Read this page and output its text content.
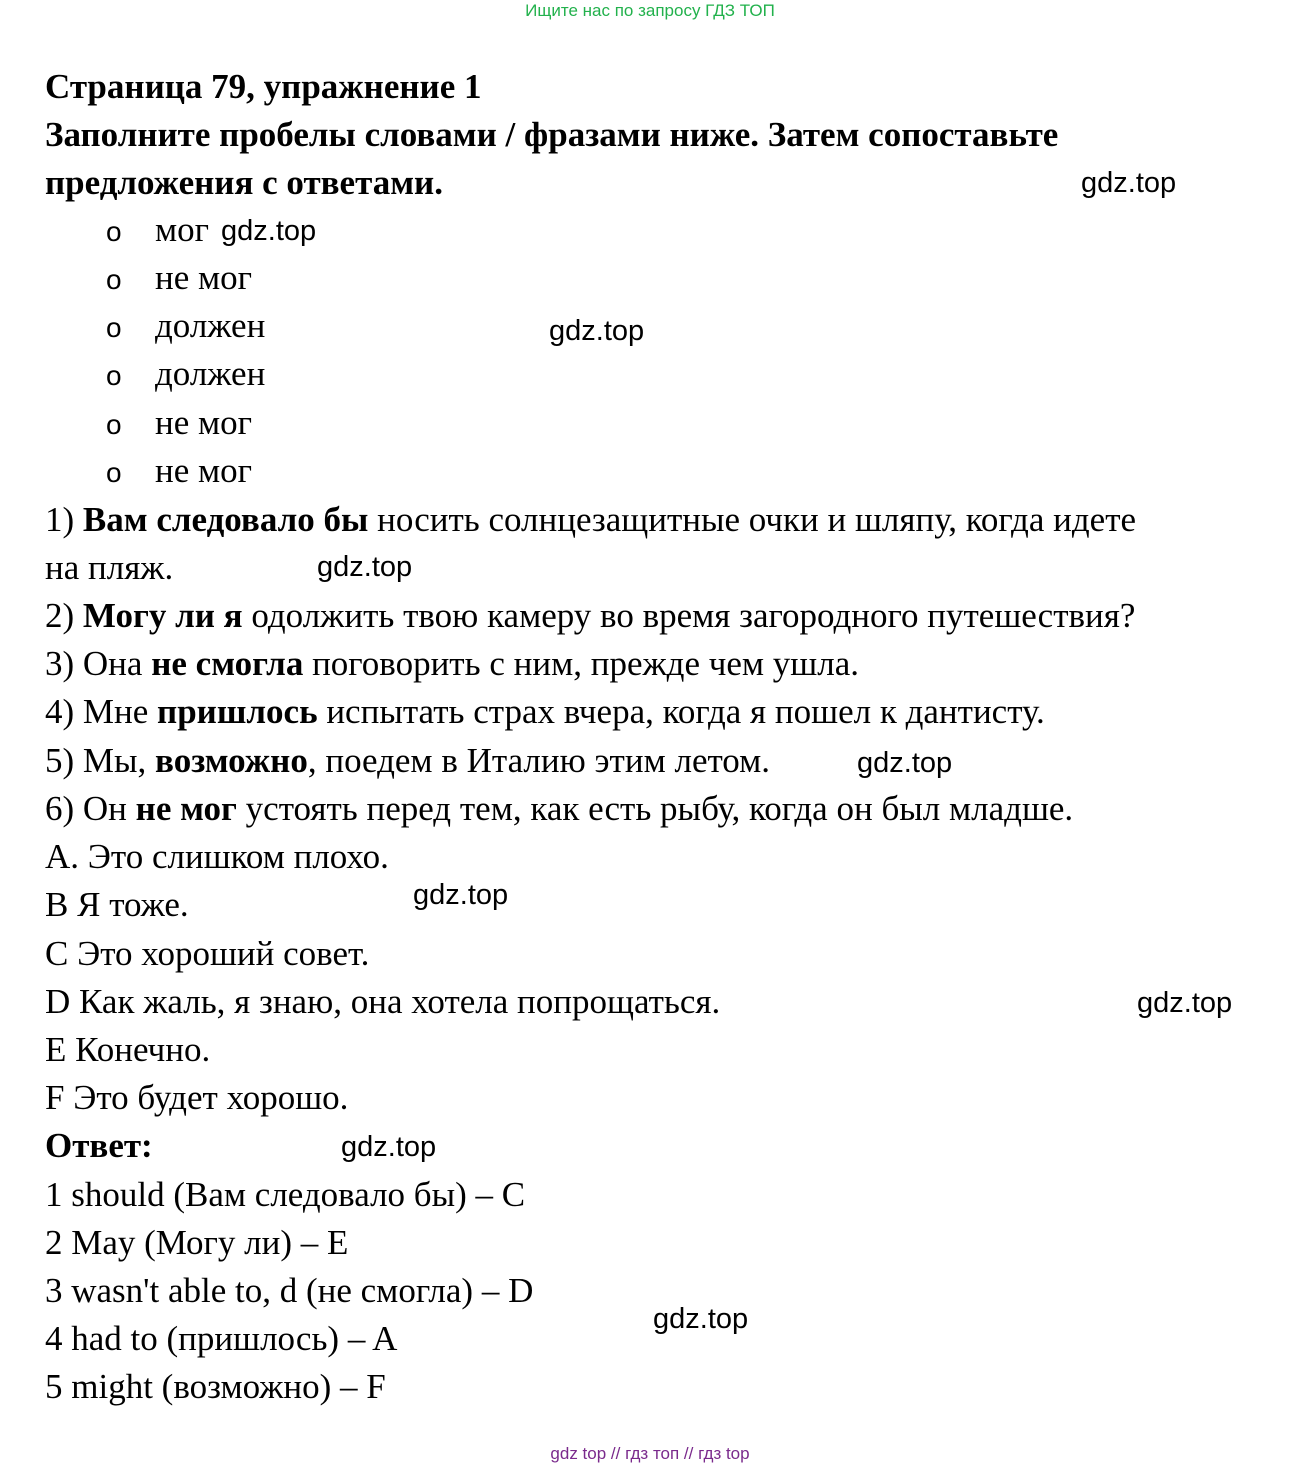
Ищите нас по запросу ГДЗ ТОП
Страница 79, упражнение 1
Заполните пробелы словами / фразами ниже. Затем сопоставьте
предложения с ответами.
o мог
o не мог
o должен
o должен
o не мог
o не мог
1) Вам следовало бы носить солнцезащитные очки и шляпу, когда идете
на пляж.
2) Могу ли я одолжить твою камеру во время загородного путешествия?
3) Она не смогла поговорить с ним, прежде чем ушла.
4) Мне пришлось испытать страх вчера, когда я пошел к дантисту.
5) Мы, возможно, поедем в Италию этим летом.
6) Он не мог устоять перед тем, как есть рыбу, когда он был младше.
A. Это слишком плохо.
B Я тоже.
C Это хороший совет.
D Как жаль, я знаю, она хотела попрощаться.
E Конечно.
F Это будет хорошо.
Ответ:
1 should (Вам следовало бы) – C
2 May (Могу ли) – E
3 wasn't able to, d (не смогла) – D
4 had to (пришлось) – A
5 might (возможно) – F
gdz.top
gdz.top
gdz.top
gdz.top
gdz.top
gdz.top
gdz.top
gdz.top
gdz.top
gdz top // гдз топ // гдз top
